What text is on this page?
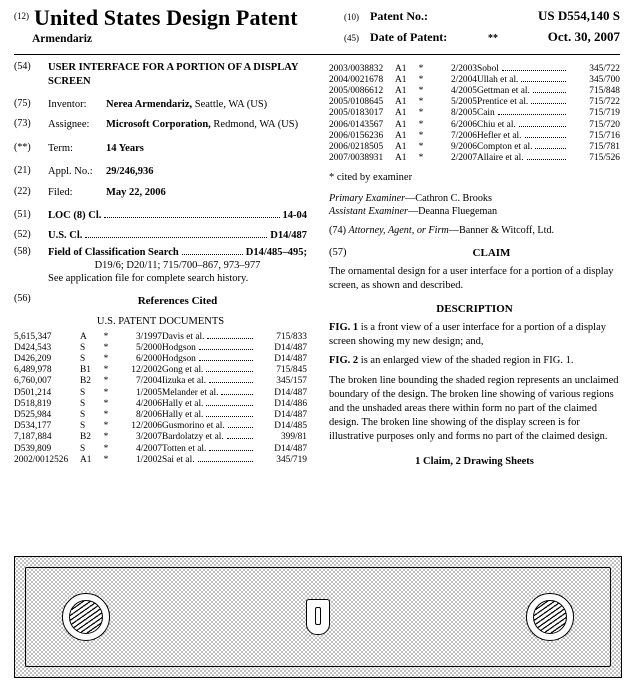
(12) United States Design Patent
Armendariz
(10) Patent No.:	US D554,140 S
(45) Date of Patent:	**	Oct. 30, 2007
(54)	USER INTERFACE FOR A PORTION OF A DISPLAY SCREEN
(75)	Inventor: Nerea Armendariz, Seattle, WA (US)
(73)	Assignee: Microsoft Corporation, Redmond, WA (US)
(**)	Term:	14 Years
(21)	Appl. No.: 29/246,936
(22)	Filed:	May 22, 2006
(51)	LOC (8) Cl.	14-04
(52)	U.S. Cl.	D14/487
(58)	Field of Classification Search	D14/485–495;
D19/6; D20/11; 715/700–867, 973–977
See application file for complete search history.
(56)	References Cited
U.S. PATENT DOCUMENTS
5,615,347	A	*	3/1997	Davis et al.	715/833
D424,543	S	*	5/2000	Hodgson	D14/487
D426,209	S	*	6/2000	Hodgson	D14/487
6,489,978	B1	*	12/2002	Gong et al.	715/845
6,760,007	B2	*	7/2004	Iizuka et al.	345/157
D501,214	S	*	1/2005	Melander et al.	D14/487
D518,819	S	*	4/2006	Hally et al.	D14/486
D525,984	S	*	8/2006	Hally et al.	D14/487
D534,177	S	*	12/2006	Gusmorino et al.	D14/485
7,187,884	B2	*	3/2007	Bardolatzy et al.	399/81
D539,809	S	*	4/2007	Totten et al.	D14/487
2002/0012526	A1	*	1/2002	Sai et al.	345/719
2003/0038832	A1	*	2/2003	Sobol	345/722
2004/0021678	A1	*	2/2004	Ullah et al.	345/700
2005/0086612	A1	*	4/2005	Gettman et al.	715/848
2005/0108645	A1	*	5/2005	Prentice et al.	715/722
2005/0183017	A1	*	8/2005	Cain	715/719
2006/0143567	A1	*	6/2006	Chiu et al.	715/720
2006/0156236	A1	*	7/2006	Hefler et al.	715/716
2006/0218505	A1	*	9/2006	Compton et al.	715/781
2007/0038931	A1	*	2/2007	Allaire et al.	715/526
* cited by examiner
Primary Examiner—Cathron C. Brooks
Assistant Examiner—Deanna Fluegeman
(74) Attorney, Agent, or Firm—Banner & Witcoff, Ltd.
(57)	CLAIM
The ornamental design for a user interface for a portion of a display screen, as shown and described.
DESCRIPTION
FIG. 1 is a front view of a user interface for a portion of a display screen showing my new design; and,
FIG. 2 is an enlarged view of the shaded region in FIG. 1.
The broken line bounding the shaded region represents an unclaimed boundary of the design. The broken line showing of various regions and the unshaded areas there within form no part of the claimed design. The broken line showing of the display screen is for illustrative purposes only and forms no part of the claimed design.
1 Claim, 2 Drawing Sheets
